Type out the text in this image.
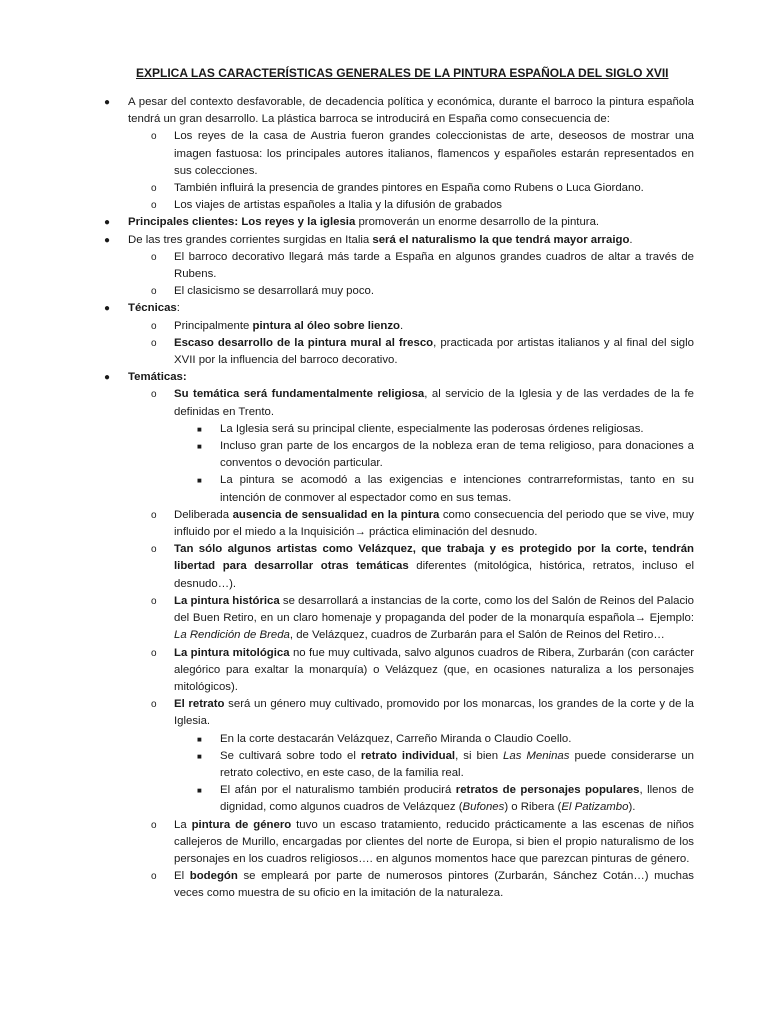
EXPLICA LAS CARACTERÍSTICAS GENERALES DE LA PINTURA ESPAÑOLA DEL SIGLO XVII
● A pesar del contexto desfavorable, de decadencia política y económica, durante el barroco la pintura española tendrá un gran desarrollo. La plástica barroca se introducirá en España como consecuencia de:
o Los reyes de la casa de Austria fueron grandes coleccionistas de arte, deseosos de mostrar una imagen fastuosa: los principales autores italianos, flamencos y españoles estarán representados en sus colecciones.
o También influirá la presencia de grandes pintores en España como Rubens o Luca Giordano.
o Los viajes de artistas españoles a Italia y la difusión de grabados
● Principales clientes: Los reyes y la iglesia promoverán un enorme desarrollo de la pintura.
● De las tres grandes corrientes surgidas en Italia será el naturalismo la que tendrá mayor arraigo.
o El barroco decorativo llegará más tarde a España en algunos grandes cuadros de altar a través de Rubens.
o El clasicismo se desarrollará muy poco.
● Técnicas:
o Principalmente pintura al óleo sobre lienzo.
o Escaso desarrollo de la pintura mural al fresco, practicada por artistas italianos y al final del siglo XVII por la influencia del barroco decorativo.
● Temáticas:
o Su temática será fundamentalmente religiosa, al servicio de la Iglesia y de las verdades de la fe definidas en Trento.
■ La Iglesia será su principal cliente, especialmente las poderosas órdenes religiosas.
■ Incluso gran parte de los encargos de la nobleza eran de tema religioso, para donaciones a conventos o devoción particular.
■ La pintura se acomodó a las exigencias e intenciones contrarreformistas, tanto en su intención de conmover al espectador como en sus temas.
o Deliberada ausencia de sensualidad en la pintura como consecuencia del periodo que se vive, muy influido por el miedo a la Inquisición→ práctica eliminación del desnudo.
o Tan sólo algunos artistas como Velázquez, que trabaja y es protegido por la corte, tendrán libertad para desarrollar otras temáticas diferentes (mitológica, histórica, retratos, incluso el desnudo…).
o La pintura histórica se desarrollará a instancias de la corte, como los del Salón de Reinos del Palacio del Buen Retiro, en un claro homenaje y propaganda del poder de la monarquía española→ Ejemplo: La Rendición de Breda, de Velázquez, cuadros de Zurbarán para el Salón de Reinos del Retiro…
o La pintura mitológica no fue muy cultivada, salvo algunos cuadros de Ribera, Zurbarán (con carácter alegórico para exaltar la monarquía) o Velázquez (que, en ocasiones naturaliza a los personajes mitológicos).
o El retrato será un género muy cultivado, promovido por los monarcas, los grandes de la corte y de la Iglesia.
■ En la corte destacarán Velázquez, Carreño Miranda o Claudio Coello.
■ Se cultivará sobre todo el retrato individual, si bien Las Meninas puede considerarse un retrato colectivo, en este caso, de la familia real.
■ El afán por el naturalismo también producirá retratos de personajes populares, llenos de dignidad, como algunos cuadros de Velázquez (Bufones) o Ribera (El Patizambo).
o La pintura de género tuvo un escaso tratamiento, reducido prácticamente a las escenas de niños callejeros de Murillo, encargadas por clientes del norte de Europa, si bien el propio naturalismo de los personajes en los cuadros religiosos…. en algunos momentos hace que parezcan pinturas de género.
o El bodegón se empleará por parte de numerosos pintores (Zurbarán, Sánchez Cotán…) muchas veces como muestra de su oficio en la imitación de la naturaleza.
